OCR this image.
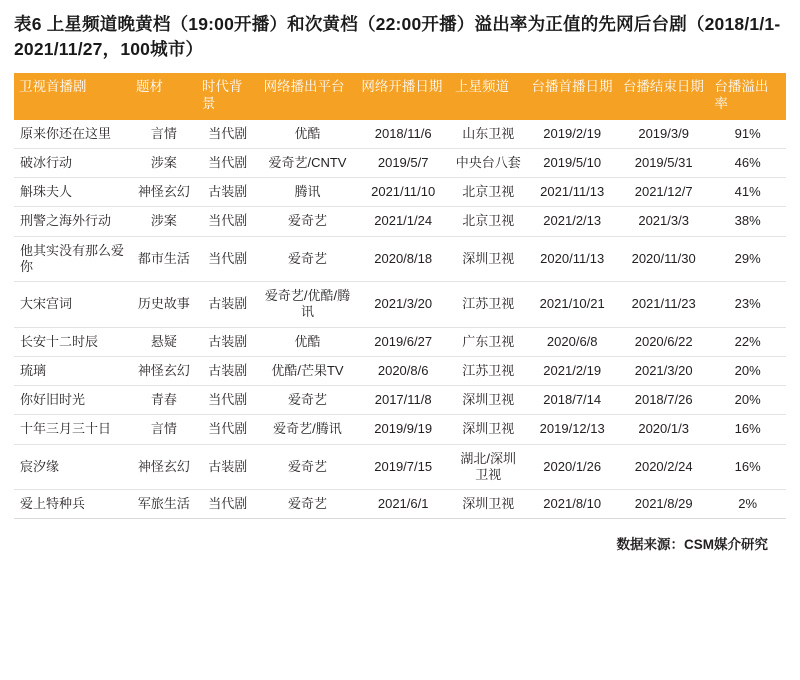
表6 上星频道晚黄档（19:00开播）和次黄档（22:00开播）溢出率为正值的先网后台剧（2018/1/1-2021/11/27，100城市）
卫视首播剧	题材	时代背景	网络播出平台	网络开播日期	上星频道	台播首播日期	台播结束日期	台播溢出率
原来你还在这里	言情	当代剧	优酷	2018/11/6	山东卫视	2019/2/19	2019/3/9	91%
破冰行动	涉案	当代剧	爱奇艺/CNTV	2019/5/7	中央台八套	2019/5/10	2019/5/31	46%
斛珠夫人	神怪玄幻	古装剧	腾讯	2021/11/10	北京卫视	2021/11/13	2021/12/7	41%
刑警之海外行动	涉案	当代剧	爱奇艺	2021/1/24	北京卫视	2021/2/13	2021/3/3	38%
他其实没有那么爱你	都市生活	当代剧	爱奇艺	2020/8/18	深圳卫视	2020/11/13	2020/11/30	29%
大宋宫词	历史故事	古装剧	爱奇艺/优酷/腾讯	2021/3/20	江苏卫视	2021/10/21	2021/11/23	23%
长安十二时辰	悬疑	古装剧	优酷	2019/6/27	广东卫视	2020/6/8	2020/6/22	22%
琉璃	神怪玄幻	古装剧	优酷/芒果TV	2020/8/6	江苏卫视	2021/2/19	2021/3/20	20%
你好旧时光	青春	当代剧	爱奇艺	2017/11/8	深圳卫视	2018/7/14	2018/7/26	20%
十年三月三十日	言情	当代剧	爱奇艺/腾讯	2019/9/19	深圳卫视	2019/12/13	2020/1/3	16%
宸汐缘	神怪玄幻	古装剧	爱奇艺	2019/7/15	湖北/深圳卫视	2020/1/26	2020/2/24	16%
爱上特种兵	军旅生活	当代剧	爱奇艺	2021/6/1	深圳卫视	2021/8/10	2021/8/29	2%
数据来源：CSM媒介研究
